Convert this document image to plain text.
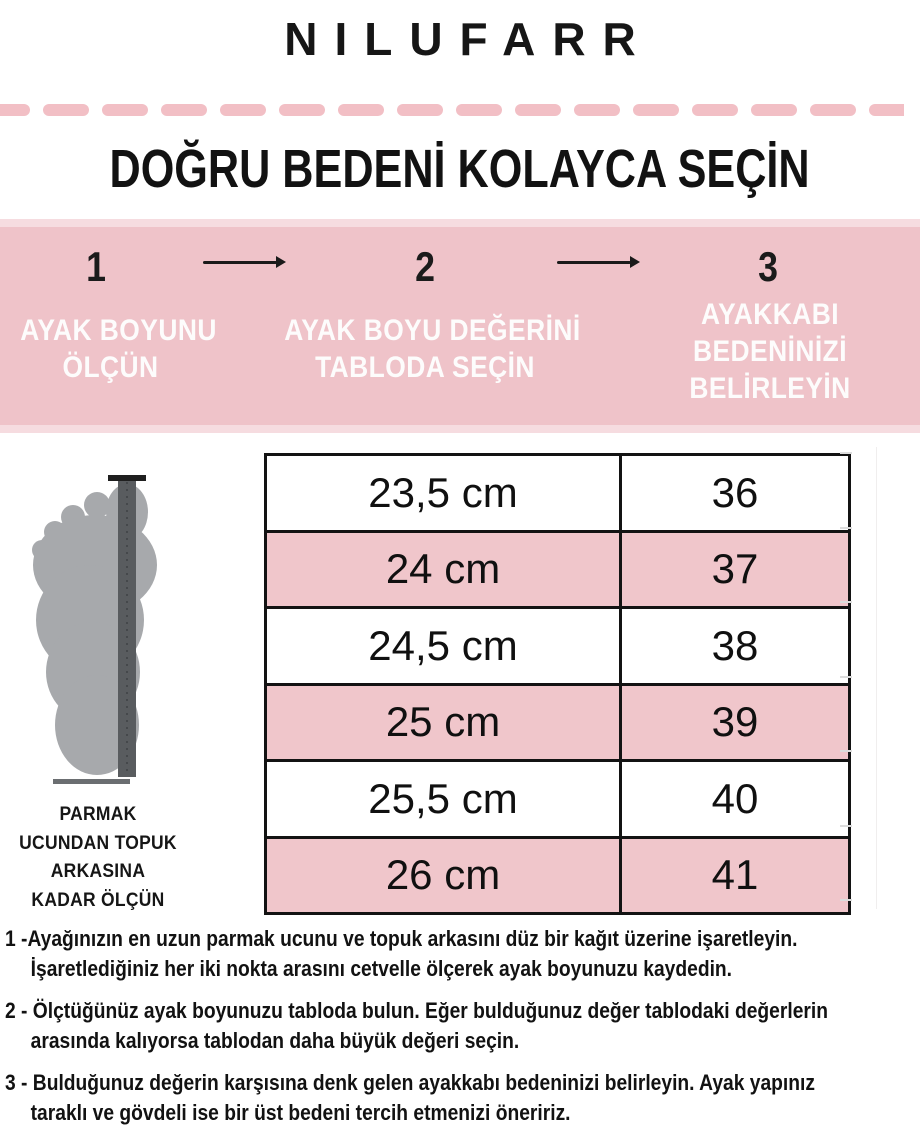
NILUFARR
DOĞRU BEDENİ KOLAYCA SEÇİN
1	2	3
AYAK BOYUNU
ÖLÇÜN
AYAK BOYU DEĞERİNİ
TABLODA SEÇİN
AYAKKABI
BEDENİNİZİ
BELİRLEYİN
PARMAK
UCUNDAN TOPUK
ARKASINA
KADAR ÖLÇÜN
23,5 cm	36
24 cm	37
24,5 cm	38
25 cm	39
25,5 cm	40
26 cm	41
1 -Ayağınızın en uzun parmak ucunu ve topuk arkasını düz bir kağıt üzerine işaretleyin.
İşaretlediğiniz her iki nokta arasını cetvelle ölçerek ayak boyunuzu kaydedin.
2 - Ölçtüğünüz ayak boyunuzu tabloda bulun. Eğer bulduğunuz değer tablodaki değerlerin
arasında kalıyorsa tablodan daha büyük değeri seçin.
3 - Bulduğunuz değerin karşısına denk gelen ayakkabı bedeninizi belirleyin. Ayak yapınız
taraklı ve gövdeli ise bir üst bedeni tercih etmenizi öneririz.
